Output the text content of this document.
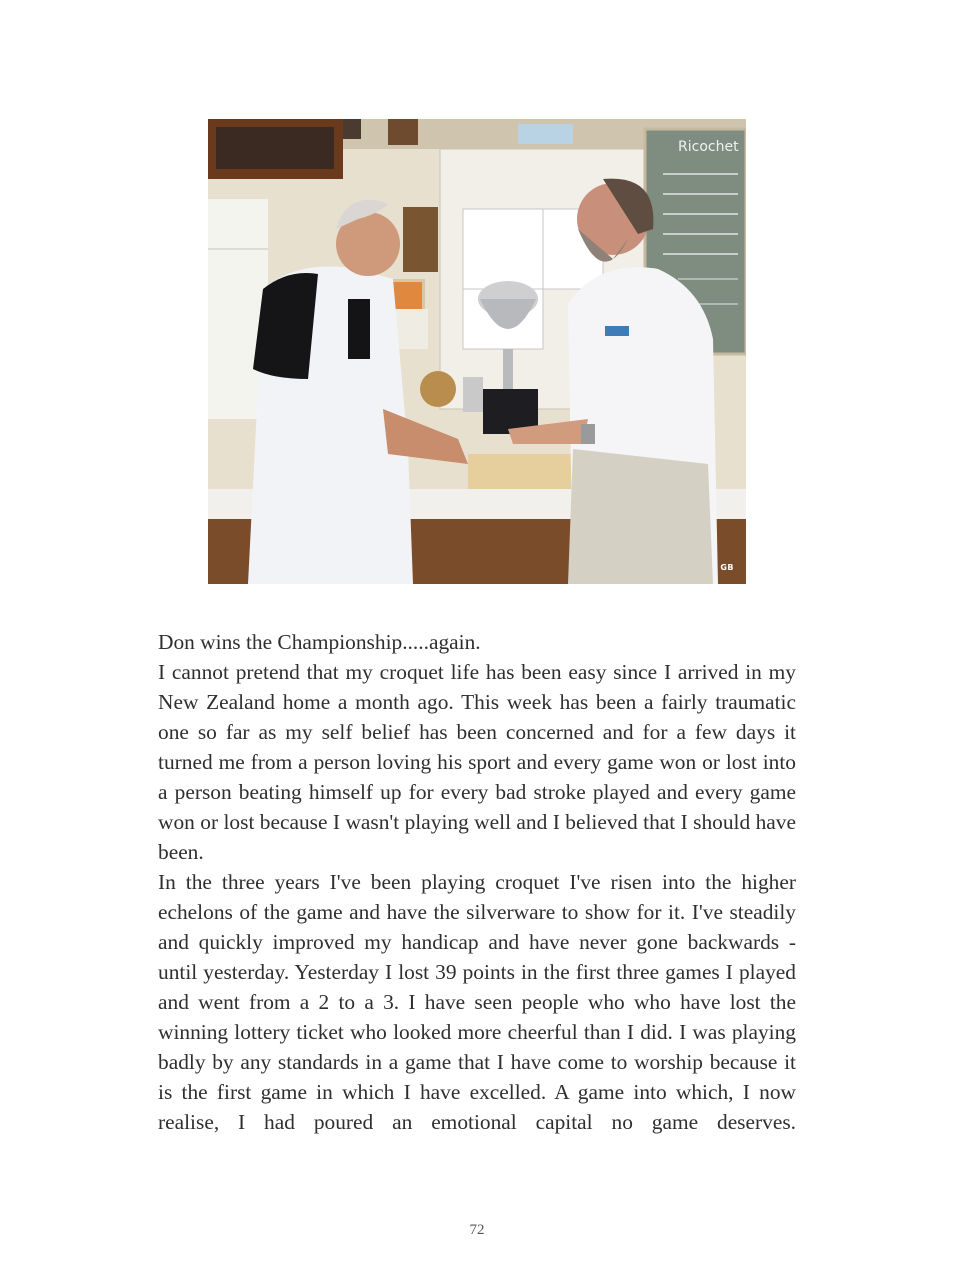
Ricochet
GB

Don wins the Championship.....again.

I cannot pretend that my croquet life has been easy since I arrived in my New Zealand home a month ago. This week has been a fairly traumatic one so far as my self belief has been concerned and for a few days it turned me from a person loving his sport and every game won or lost into a person beating himself up for every bad stroke played and every game won or lost because I wasn't playing well and I believed that I should have been.

In the three years I've been playing croquet I've risen into the higher echelons of the game and have the silverware to show for it. I've steadily and quickly improved my handicap and have never gone backwards - until yesterday. Yesterday I lost 39 points in the first three games I played and went from a 2 to a 3. I have seen people who who have lost the winning lottery ticket who looked more cheerful than I did. I was playing badly by any standards in a game that I have come to worship because it is the first game in which I have excelled. A game into which, I now realise, I had poured an emotional capital no game deserves.

72
